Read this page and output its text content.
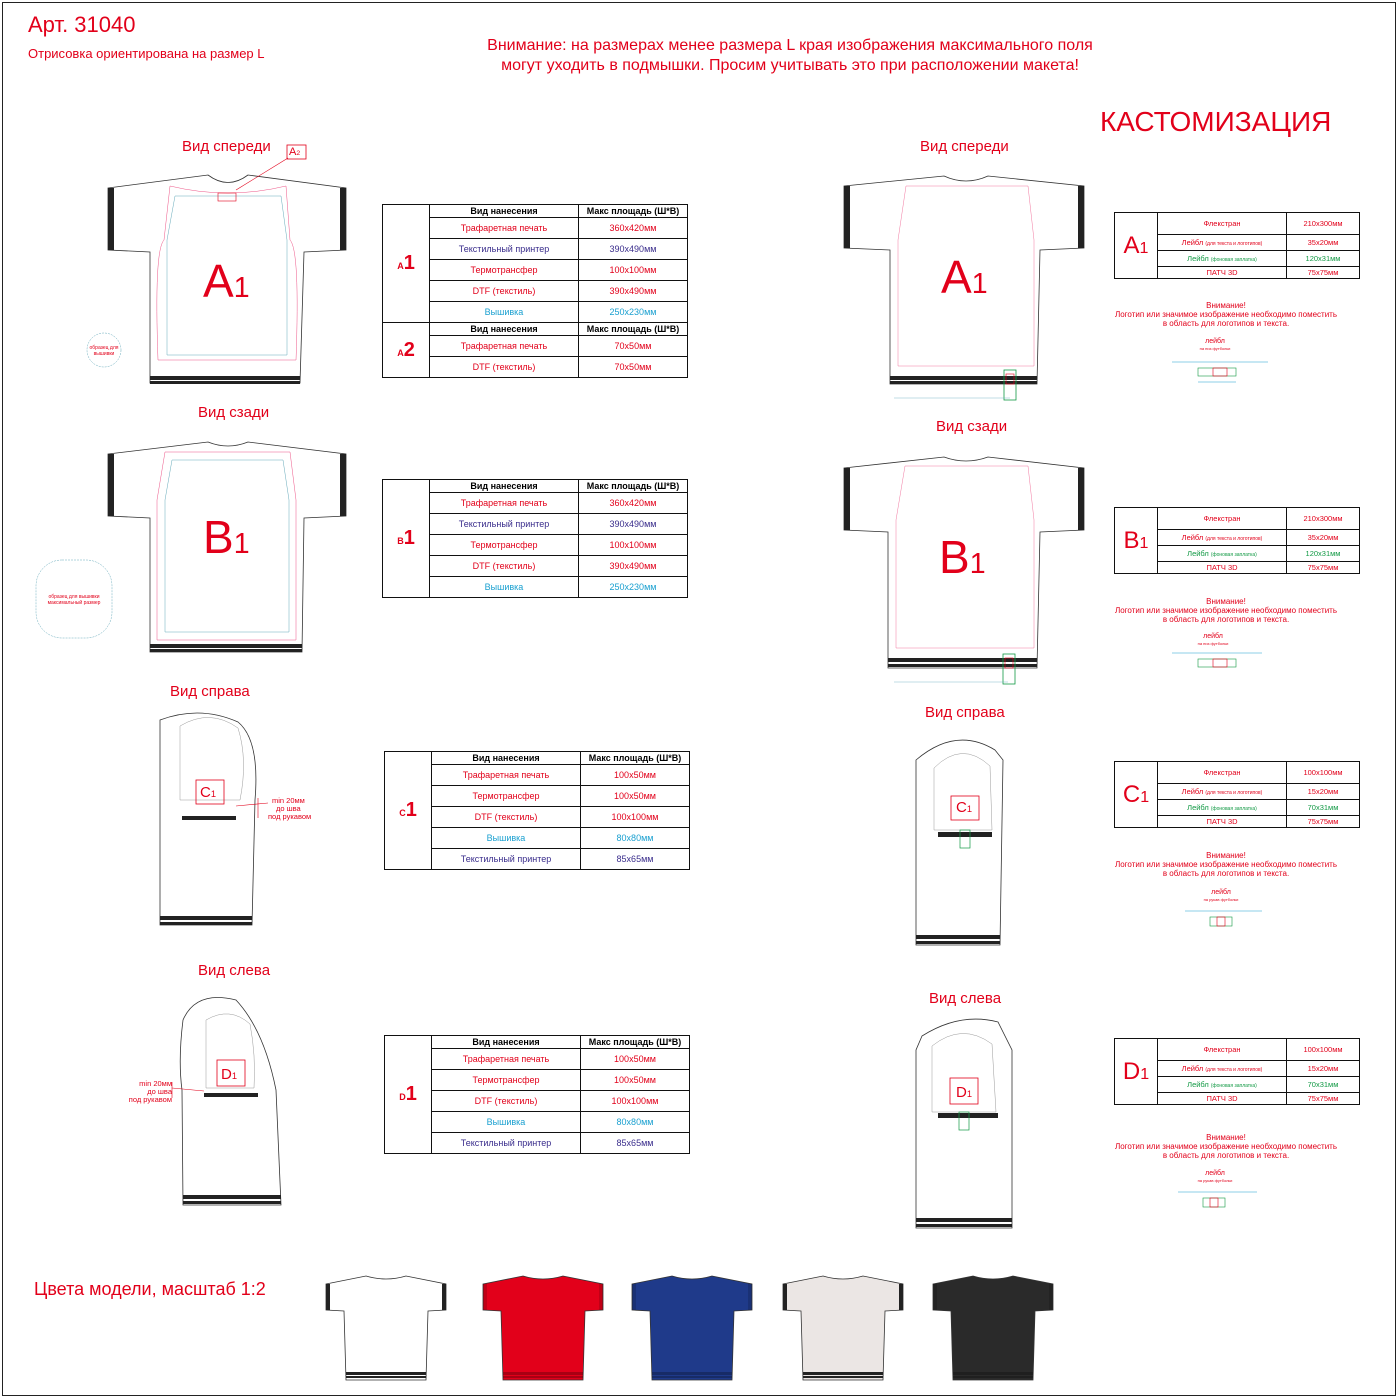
Арт. 31040
Отрисовка ориентирована на размер L	Внимание: на размерах менее размера L края изображения максимального поля
могут уходить в подмышки. Просим учитывать это при расположении макета!
КАСТОМИЗАЦИЯ
Вид спереди
Вид сзади
Вид справа
Вид слева
Вид спереди
Вид сзади
Вид справа
Вид слева
A1
A2
B1
C1
D1
A1
B1
C1
D1
образец для вышивки
образец для вышивки максимальный размер
min 20мм
до шва
под рукавом
min 20мм
до шва
под рукавом
A1	Вид нанесения	Макс площадь (Ш*В)
	Трафаретная печать	360х420мм
	Текстильный принтер	390х490мм
	Термотрансфер	100х100мм
	DTF (текстиль)	390х490мм
	Вышивка	250х230мм
A2	Вид нанесения	Макс площадь (Ш*В)
	Трафаретная печать	70х50мм
	DTF (текстиль)	70х50мм
B1	Вид нанесения	Макс площадь (Ш*В)
	Трафаретная печать	360х420мм
	Текстильный принтер	390х490мм
	Термотрансфер	100х100мм
	DTF (текстиль)	390х490мм
	Вышивка	250х230мм
C1	Вид нанесения	Макс площадь (Ш*В)
	Трафаретная печать	100х50мм
	Термотрансфер	100х50мм
	DTF (текстиль)	100х100мм
	Вышивка	80х80мм
	Текстильный принтер	85х65мм
D1	Вид нанесения	Макс площадь (Ш*В)
	Трафаретная печать	100х50мм
	Термотрансфер	100х50мм
	DTF (текстиль)	100х100мм
	Вышивка	80х80мм
	Текстильный принтер	85х65мм
A1	Флекстран	210х300мм
	Лейбл (для текста и логотипов)	35х20мм
	Лейбл (фоновая заплатка)	120х31мм
	ПАТЧ 3D	75х75мм
B1	Флекстран	210х300мм
	Лейбл (для текста и логотипов)	35х20мм
	Лейбл (фоновая заплатка)	120х31мм
	ПАТЧ 3D	75х75мм
C1	Флекстран	100х100мм
	Лейбл (для текста и логотипов)	15х20мм
	Лейбл (фоновая заплатка)	70х31мм
	ПАТЧ 3D	75х75мм
D1	Флекстран	100х100мм
	Лейбл (для текста и логотипов)	15х20мм
	Лейбл (фоновая заплатка)	70х31мм
	ПАТЧ 3D	75х75мм
Внимание!
Логотип или значимое изображение необходимо поместить
в область для логотипов и текста.
лейбл
на низ футболки
Внимание!
Логотип или значимое изображение необходимо поместить
в область для логотипов и текста.
лейбл
на низ футболки
Внимание!
Логотип или значимое изображение необходимо поместить
в область для логотипов и текста.
лейбл
на рукав футболки
Внимание!
Логотип или значимое изображение необходимо поместить
в область для логотипов и текста.
лейбл
на рукав футболки
Цвета модели, масштаб 1:2
